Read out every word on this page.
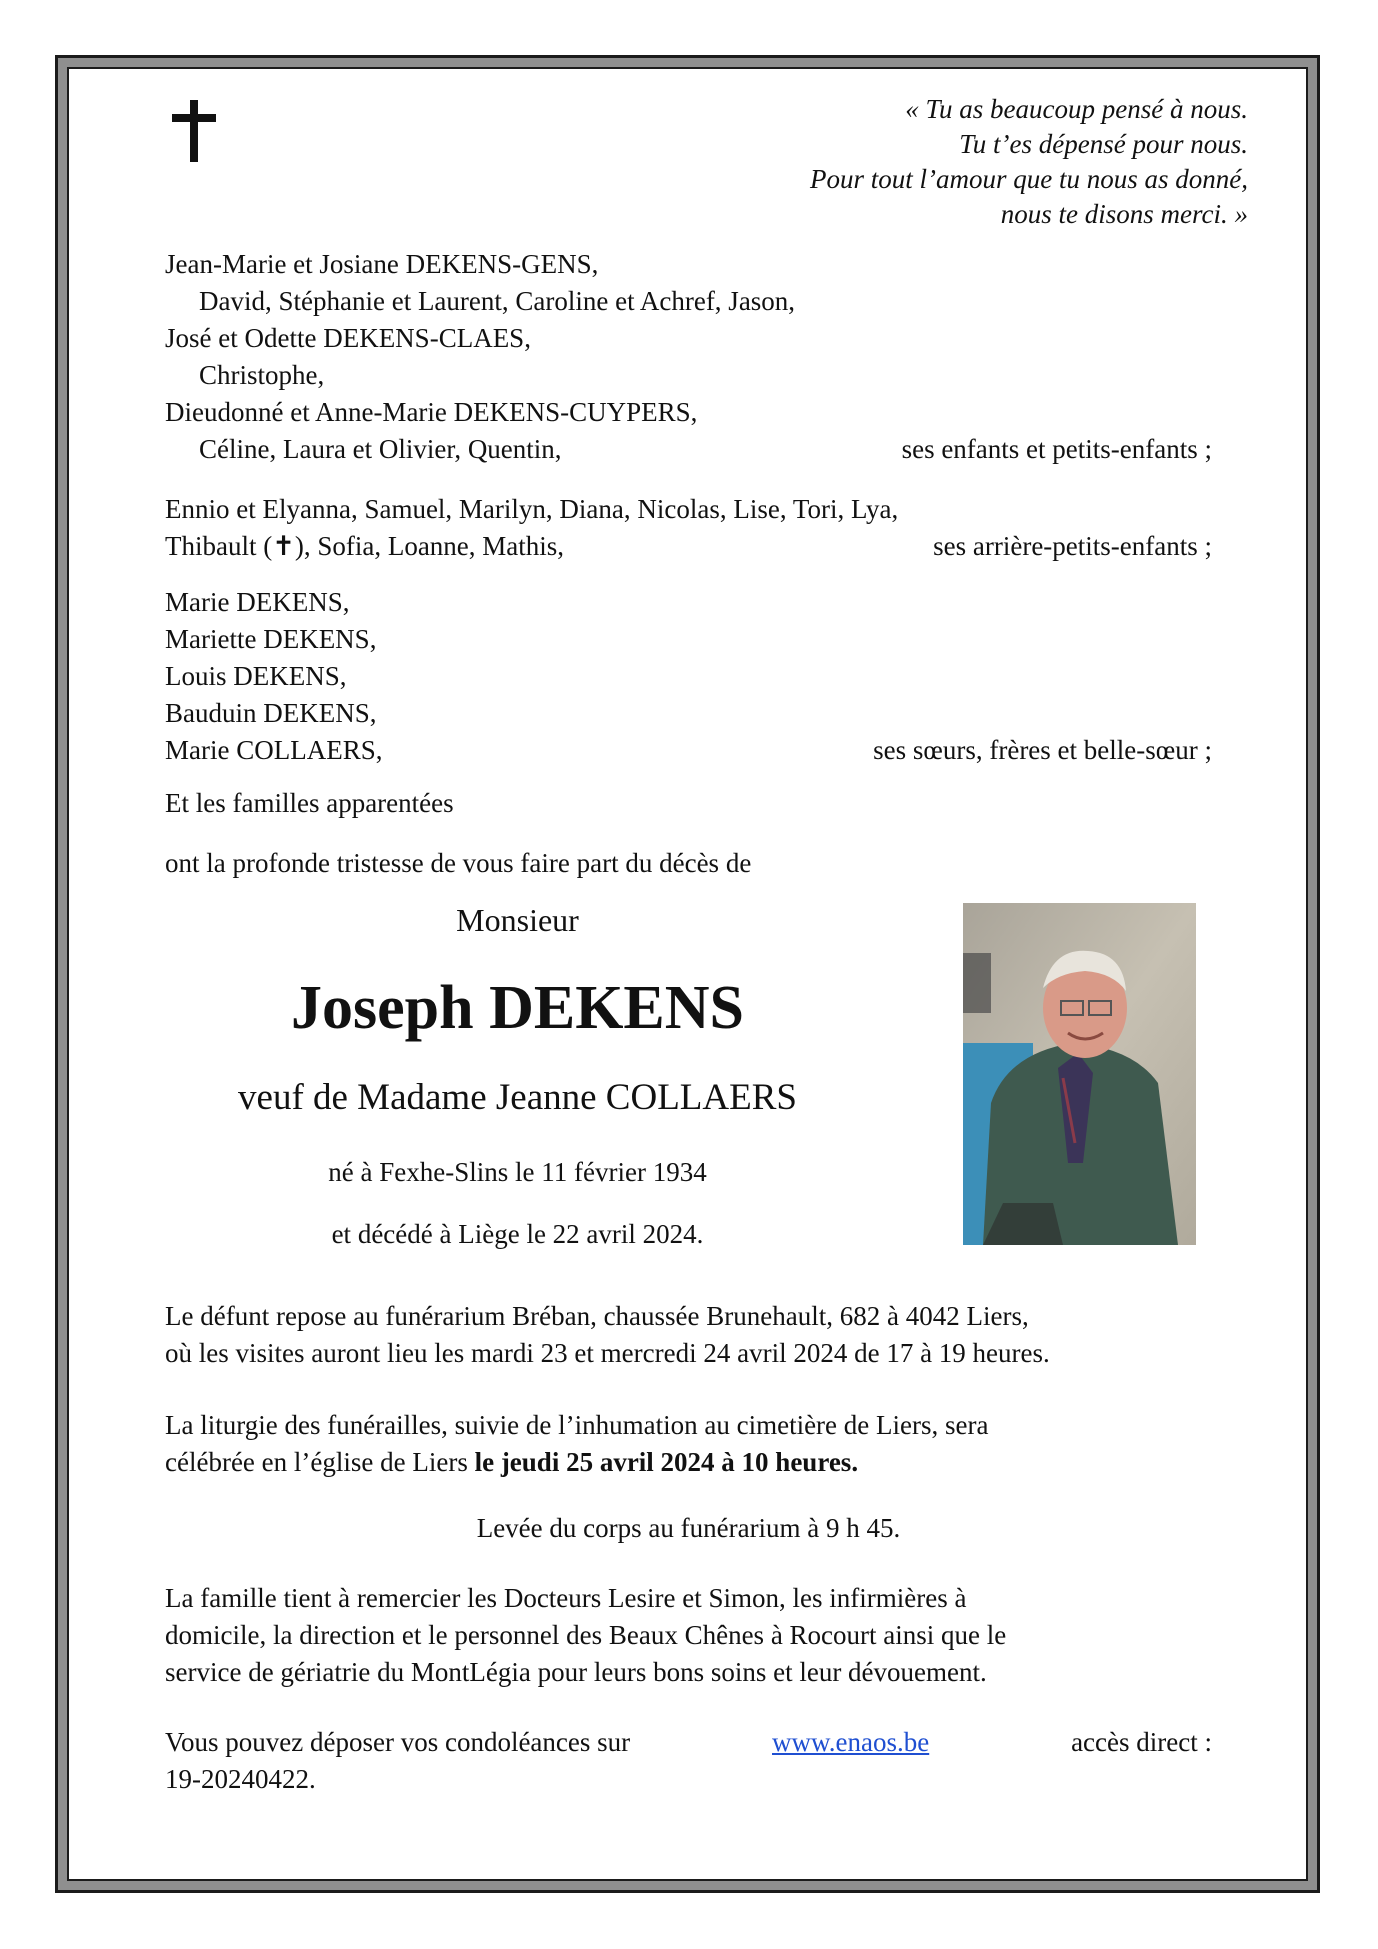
« Tu as beaucoup pensé à nous.
Tu t’es dépensé pour nous.
Pour tout l’amour que tu nous as donné,
nous te disons merci. »
Jean-Marie et Josiane DEKENS-GENS,
David, Stéphanie et Laurent, Caroline et Achref, Jason,
José et Odette DEKENS-CLAES,
Christophe,
Dieudonné et Anne-Marie DEKENS-CUYPERS,
Céline, Laura et Olivier, Quentin,	ses enfants et petits-enfants ;
Ennio et Elyanna, Samuel, Marilyn, Diana, Nicolas, Lise, Tori, Lya,
Thibault (✝), Sofia, Loanne, Mathis,	ses arrière-petits-enfants ;
Marie DEKENS,
Mariette DEKENS,
Louis DEKENS,
Bauduin DEKENS,
Marie COLLAERS,	ses sœurs, frères et belle-sœur ;
Et les familles apparentées
ont la profonde tristesse de vous faire part du décès de
Monsieur
Joseph DEKENS
veuf de Madame Jeanne COLLAERS
né à Fexhe-Slins le 11 février 1934
et décédé à Liège le 22 avril 2024.
Le défunt repose au funérarium Bréban, chaussée Brunehault, 682 à 4042 Liers,
où les visites auront lieu les mardi 23 et mercredi 24 avril 2024 de 17 à 19 heures.
La liturgie des funérailles, suivie de l’inhumation au cimetière de Liers, sera
célébrée en l’église de Liers le jeudi 25 avril 2024 à 10 heures.
Levée du corps au funérarium à 9 h 45.
La famille tient à remercier les Docteurs Lesire et Simon, les infirmières à
domicile, la direction et le personnel des Beaux Chênes à Rocourt ainsi que le
service de gériatrie du MontLégia pour leurs bons soins et leur dévouement.
Vous pouvez déposer vos condoléances sur	www.enaos.be	accès direct :
19-20240422.
